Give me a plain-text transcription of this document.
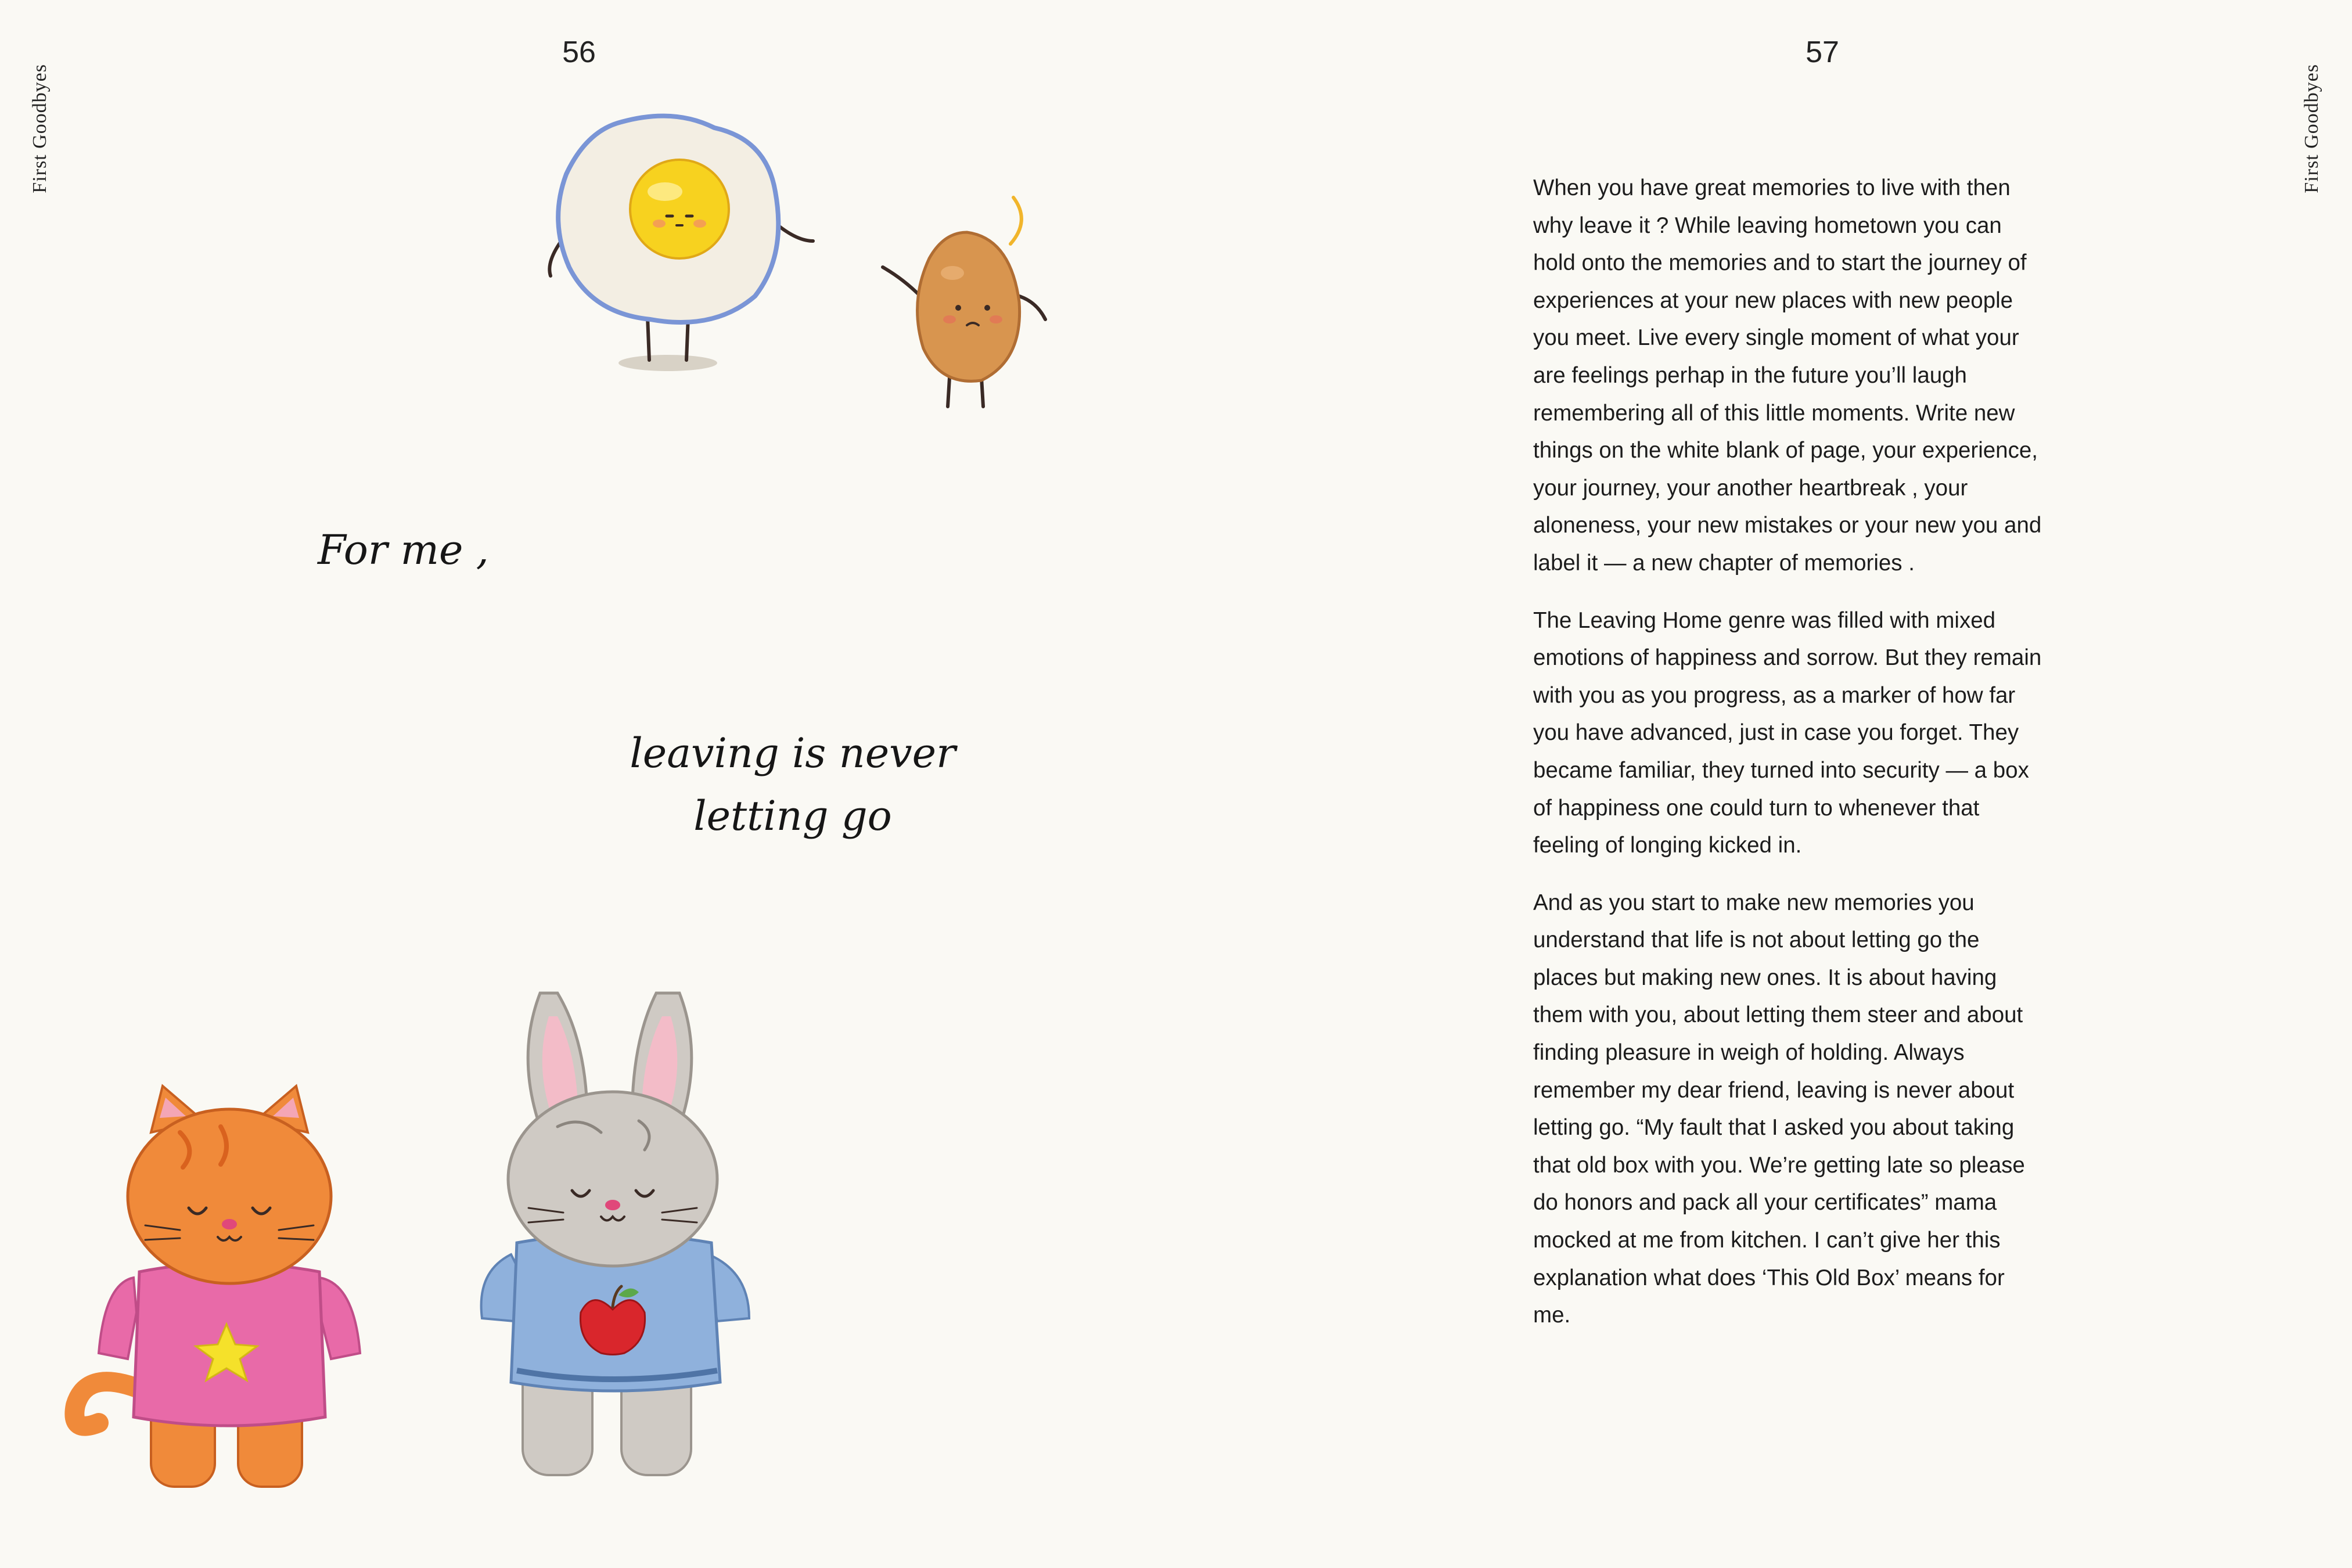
First Goodbyes
56
For me ,
leaving is never
letting go
57
First Goodbyes

When you have great memories to live with then why leave it ? While leaving hometown you can hold onto the memories and to start the journey of experiences at your new places with new people you meet. Live every single moment of what your are feelings perhap in the future you’ll laugh remembering all of this little moments. Write new things on the white blank of page, your experience, your journey, your another heartbreak , your aloneness, your new mistakes or your new you and label it — a new chapter of memories .

The Leaving Home genre was filled with mixed emotions of happiness and sorrow. But they remain with you as you progress, as a marker of how far you have advanced, just in case you forget. They became familiar, they turned into security — a box of happiness one could turn to whenever that feeling of longing kicked in.

And as you start to make new memories you understand that life is not about letting go the places but making new ones. It is about having them with you, about letting them steer and about finding pleasure in weigh of holding. Always remember my dear friend, leaving is never about letting go. “My fault that I asked you about taking that old box with you. We’re getting late so please do honors and pack all your certificates” mama mocked at me from kitchen. I can’t give her this explanation what does ‘This Old Box’ means for me.
